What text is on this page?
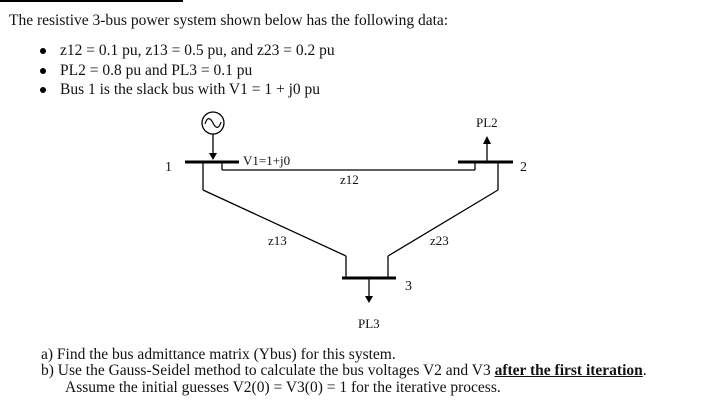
The resistive 3-bus power system shown below has the following data:
z12 = 0.1 pu, z13 = 0.5 pu, and z23 = 0.2 pu
PL2 = 0.8 pu and PL3 = 0.1 pu
Bus 1 is the slack bus with V1 = 1 + j0 pu
1	2
3
V1=1+j0
z12
z13	z23
PL2
PL3
a) Find the bus admittance matrix (Ybus) for this system.
b) Use the Gauss-Seidel method to calculate the bus voltages V2 and V3 after the first iteration.
Assume the initial guesses V2(0) = V3(0) = 1 for the iterative process.
